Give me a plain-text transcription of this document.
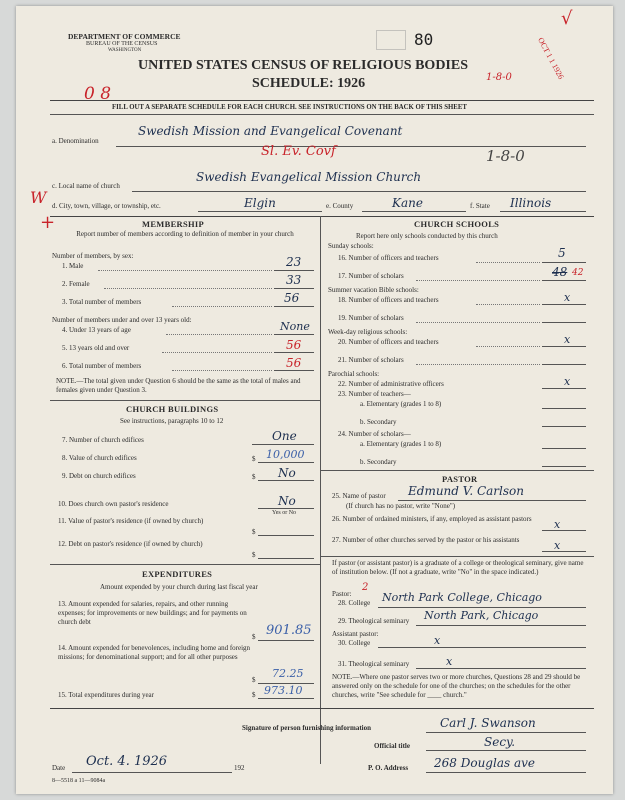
DEPARTMENT OF COMMERCE
BUREAU OF THE CENSUS
WASHINGTON
80	OCT 1 1 1926
√
UNITED STATES CENSUS OF RELIGIOUS BODIES
SCHEDULE: 1926
0 8
1-8-0
FILL OUT A SEPARATE SCHEDULE FOR EACH CHURCH. SEE INSTRUCTIONS ON THE BACK OF THIS SHEET
a. Denomination
Swedish Mission and Evangelical Covenant
Sl. Ev. Covf	1-8-0
c. Local name of church
Swedish Evangelical Mission Church
d. City, town, village, or township, etc.	Elgin	e. County	Kane	f. State Illinois
W
+	MEMBERSHIP
Report number of members according to definition of member in your church
Number of members, by sex:
1. Male	23
2. Female	33
3. Total number of members	56
Number of members under and over 13 years old:
4. Under 13 years of age	None
5. 13 years old and over	56
6. Total number of members	56
NOTE.—The total given under Question 6 should be the same as the total of males and females given under Question 3.
CHURCH BUILDINGS
See instructions, paragraphs 10 to 12
7. Number of church edifices	One
8. Value of church edifices	$ 10,000
9. Debt on church edifices	$ No
10. Does church own pastor's residence	No
Yes or No
11. Value of pastor's residence (if owned by church)
$
12. Debt on pastor's residence (if owned by church)
$
EXPENDITURES
Amount expended by your church during last fiscal year
13. Amount expended for salaries, repairs, and other running expenses; for improvements or new buildings; and for payments on church debt
$ 901.85
14. Amount expended for benevolences, including home and foreign missions; for denominational support; and for all other purposes
$ 72.25
15. Total expenditures during year	$ 973.10
CHURCH SCHOOLS
Report here only schools conducted by this church
Sunday schools:
16. Number of officers and teachers	5
17. Number of scholars	48 42
Summer vacation Bible schools:
18. Number of officers and teachers	x
19. Number of scholars
Week-day religious schools:
20. Number of officers and teachers	x
21. Number of scholars
Parochial schools:
22. Number of administrative officers	x
23. Number of teachers—
a. Elementary (grades 1 to 8)
b. Secondary
24. Number of scholars—
a. Elementary (grades 1 to 8)
b. Secondary
PASTOR
25. Name of pastor Edmund V. Carlson
(If church has no pastor, write "None")
26. Number of ordained ministers, if any, employed as assistant pastors	x
27. Number of other churches served by the pastor or his assistants	x
If pastor (or assistant pastor) is a graduate of a college or theological seminary, give name of institution below. (If not a graduate, write "No" in the space indicated.)
Pastor:
2
28. College North Park College, Chicago
29. Theological seminary North Park, Chicago
Assistant pastor:
30. College	x
31. Theological seminary	x
NOTE.—Where one pastor serves two or more churches, Questions 28 and 29 should be answered only on the schedule for one of the churches; on the schedules for the other churches, write "See schedule for ____ church."
Signature of person furnishing information	Carl J. Swanson
Official title	Secy.
Date Oct. 4. 1926	192	P. O. Address 268 Douglas ave
8—5518 a 11—9084a
